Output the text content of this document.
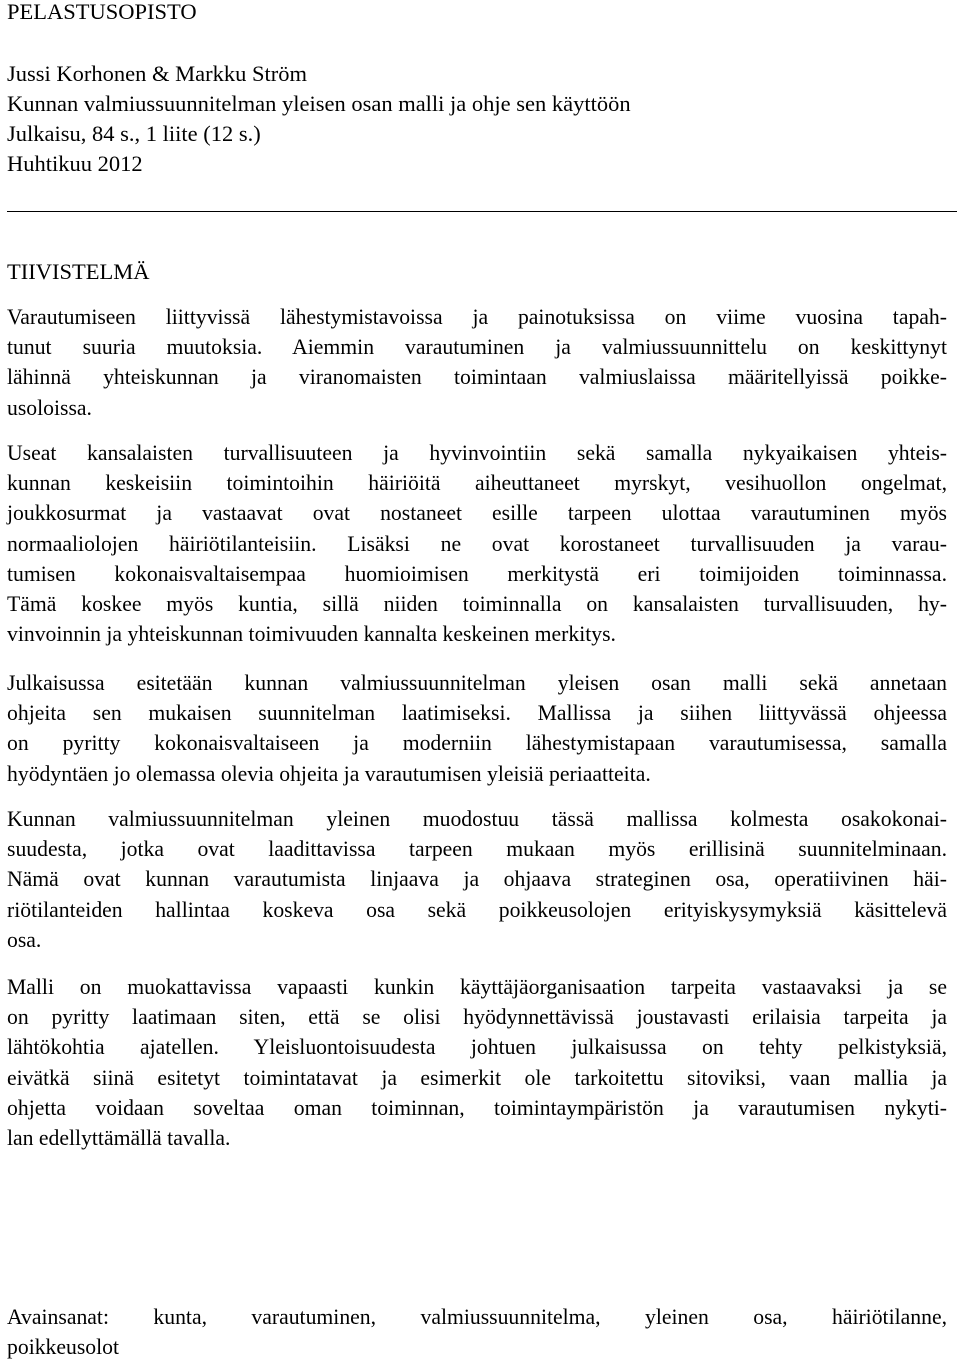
PELASTUSOPISTO
Jussi Korhonen & Markku Ström
Kunnan valmiussuunnitelman yleisen osan malli ja ohje sen käyttöön
Julkaisu, 84 s., 1 liite (12 s.)
Huhtikuu 2012
TIIVISTELMÄ
Varautumiseen liittyvissä lähestymistavoissa ja painotuksissa on viime vuosina tapah-
tunut suuria muutoksia. Aiemmin varautuminen ja valmiussuunnittelu on keskittynyt
lähinnä yhteiskunnan ja viranomaisten toimintaan valmiuslaissa määritellyissä poikke-
usoloissa.
Useat kansalaisten turvallisuuteen ja hyvinvointiin sekä samalla nykyaikaisen yhteis-
kunnan keskeisiin toimintoihin häiriöitä aiheuttaneet myrskyt, vesihuollon ongelmat,
joukkosurmat ja vastaavat ovat nostaneet esille tarpeen ulottaa varautuminen myös
normaaliolojen häiriötilanteisiin. Lisäksi ne ovat korostaneet turvallisuuden ja varau-
tumisen kokonaisvaltaisempaa huomioimisen merkitystä eri toimijoiden toiminnassa.
Tämä koskee myös kuntia, sillä niiden toiminnalla on kansalaisten turvallisuuden, hy-
vinvoinnin ja yhteiskunnan toimivuuden kannalta keskeinen merkitys.
Julkaisussa esitetään kunnan valmiussuunnitelman yleisen osan malli sekä annetaan
ohjeita sen mukaisen suunnitelman laatimiseksi. Mallissa ja siihen liittyvässä ohjeessa
on pyritty kokonaisvaltaiseen ja moderniin lähestymistapaan varautumisessa, samalla
hyödyntäen jo olemassa olevia ohjeita ja varautumisen yleisiä periaatteita.
Kunnan valmiussuunnitelman yleinen muodostuu tässä mallissa kolmesta osakokonai-
suudesta, jotka ovat laadittavissa tarpeen mukaan myös erillisinä suunnitelminaan.
Nämä ovat kunnan varautumista linjaava ja ohjaava strateginen osa, operatiivinen häi-
riötilanteiden hallintaa koskeva osa sekä poikkeusolojen erityiskysymyksiä käsittelevä
osa.
Malli on muokattavissa vapaasti kunkin käyttäjäorganisaation tarpeita vastaavaksi ja se
on pyritty laatimaan siten, että se olisi hyödynnettävissä joustavasti erilaisia tarpeita ja
lähtökohtia ajatellen. Yleisluontoisuudesta johtuen julkaisussa on tehty pelkistyksiä,
eivätkä siinä esitetyt toimintatavat ja esimerkit ole tarkoitettu sitoviksi, vaan mallia ja
ohjetta voidaan soveltaa oman toiminnan, toimintaympäristön ja varautumisen nykyti-
lan edellyttämällä tavalla.
Avainsanat: kunta, varautuminen, valmiussuunnitelma, yleinen osa, häiriötilanne,
poikkeusolot
